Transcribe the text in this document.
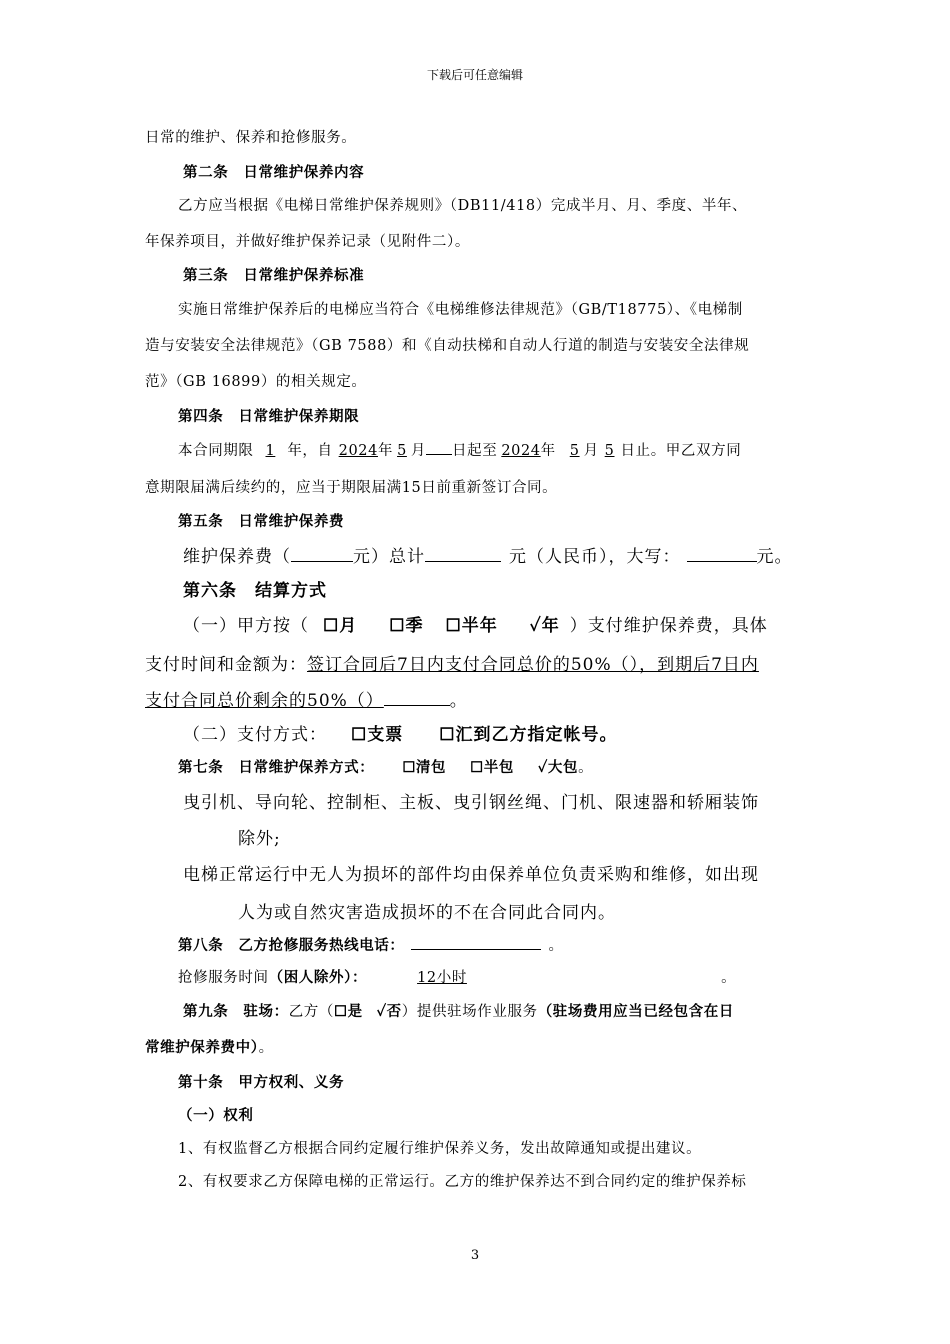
下载后可任意编辑
日常的维护、保养和抢修服务。
第二条　日常维护保养内容
乙方应当根据《电梯日常维护保养规则》（DB11/418）完成半月、月、季度、半年、
年保养项目，并做好维护保养记录（见附件二）。
第三条　日常维护保养标准
实施日常维护保养后的电梯应当符合《电梯维修法律规范》（GB/T18775）、《电梯制
造与安装安全法律规范》（GB 7588）和《自动扶梯和自动人行道的制造与安装安全法律规
范》（GB 16899）的相关规定。
第四条　日常维护保养期限
本合同期限 1 年，自 2024年 5 月 日起至 2024年 5 月 5 日止。甲乙双方同
意期限届满后续约的，应当于期限届满15日前重新签订合同。
第五条　日常维护保养费
维护保养费（	元）总计	元（人民币），大写：	元。
第六条　结算方式
（一）甲方按（ ☐月 ☐季 ☐半年 ✓年 ）支付维护保养费，具体
支付时间和金额为：签订合同后7日内支付合同总价的50%（），到期后7日内
支付合同总价剩余的50%（）	。
（二）支付方式： ☐支票 ☐汇到乙方指定帐号。
第七条　日常维护保养方式： ☐清包 ☐半包 ✓大包。
曳引机、导向轮、控制柜、主板、曳引钢丝绳、门机、限速器和轿厢装饰
除外;
电梯正常运行中无人为损坏的部件均由保养单位负责采购和维修，如出现
人为或自然灾害造成损坏的不在合同此合同内。
第八条　乙方抢修服务热线电话：	。
抢修服务时间（困人除外）：	12小时	。
第九条　驻场：乙方（☐是 ✓否）提供驻场作业服务（驻场费用应当已经包含在日
常维护保养费中）。
第十条　甲方权利、义务
（一）权利
1、有权监督乙方根据合同约定履行维护保养义务，发出故障通知或提出建议。
2、有权要求乙方保障电梯的正常运行。乙方的维护保养达不到合同约定的维护保养标
3
